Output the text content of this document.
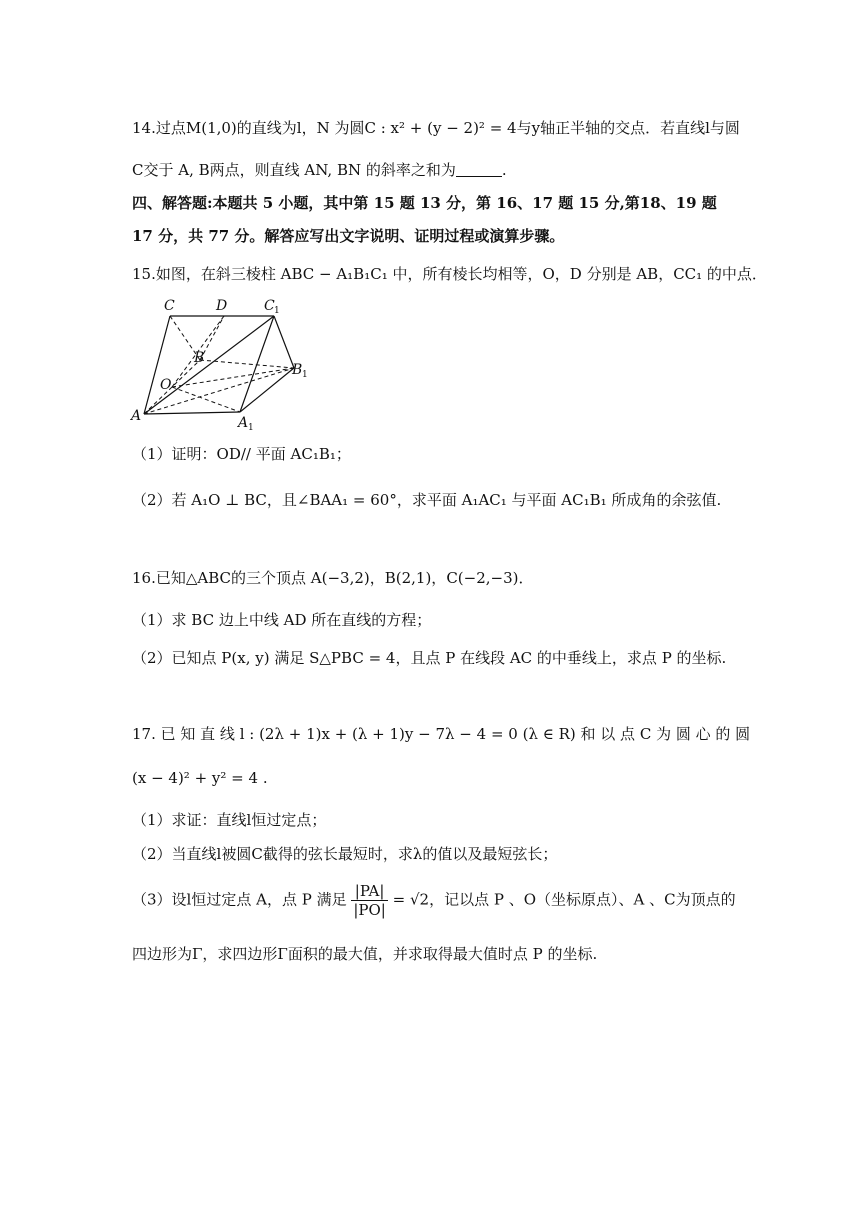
14.过点M(1,0)的直线为l，N 为圆C : x² + (y − 2)² = 4与y轴正半轴的交点．若直线l与圆
C交于 A, B两点，则直线 AN, BN 的斜率之和为	.
四、解答题:本题共 5 小题，其中第 15 题 13 分，第 16、17 题 15 分,第18、19 题
17 分，共 77 分。解答应写出文字说明、证明过程或演算步骤。
15.如图，在斜三棱柱 ABC − A₁B₁C₁ 中，所有棱长均相等，O，D 分别是 AB，CC₁ 的中点．
C	D	C 1
B
B 1
O
A	A 1
（1）证明：OD// 平面 AC₁B₁；
（2）若 A₁O ⊥ BC，且∠BAA₁ = 60°，求平面 A₁AC₁ 与平面 AC₁B₁ 所成角的余弦值.
16.已知△ABC的三个顶点 A(−3,2)，B(2,1)，C(−2,−3)．
（1）求 BC 边上中线 AD 所在直线的方程；
（2）已知点 P(x, y) 满足 S△PBC = 4，且点 P 在线段 AC 的中垂线上，求点 P 的坐标.
17. 已 知 直 线 l : (2λ + 1)x + (λ + 1)y − 7λ − 4 = 0 (λ ∈ R) 和 以 点 C 为 圆 心 的 圆
(x − 4)² + y² = 4 .
（1）求证：直线l恒过定点；
（2）当直线l被圆C截得的弦长最短时，求λ的值以及最短弦长；
（3）设l恒过定点 A，点 P 满足 $\frac{|PA|}{|PO|} = √2$，记以点 P 、O（坐标原点）、A 、C为顶点的
四边形为Γ，求四边形Γ面积的最大值，并求取得最大值时点 P 的坐标.
